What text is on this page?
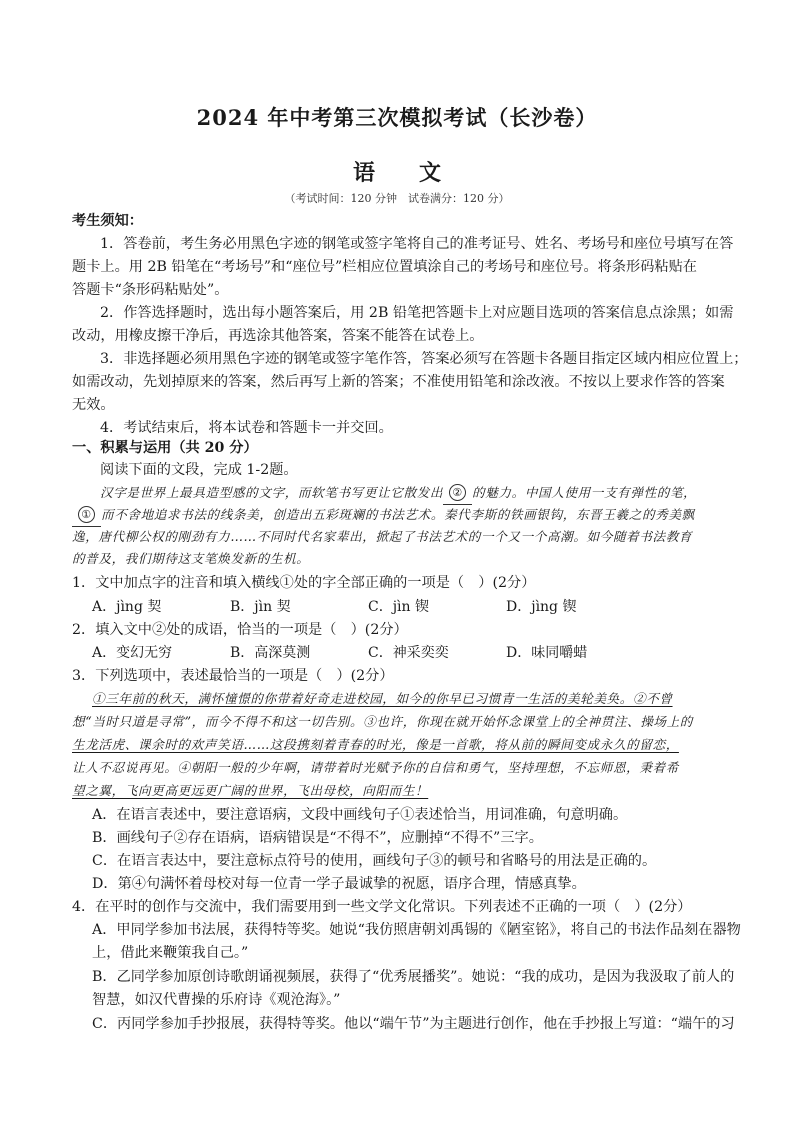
2024 年中考第三次模拟考试（长沙卷）
语　　文
（考试时间：120 分钟　试卷满分：120 分）
考生须知：
1．答卷前，考生务必用黑色字迹的钢笔或签字笔将自己的准考证号、姓名、考场号和座位号填写在答
题卡上。用 2B 铅笔在“考场号”和“座位号”栏相应位置填涂自己的考场号和座位号。将条形码粘贴在
答题卡“条形码粘贴处”。
2．作答选择题时，选出每小题答案后，用 2B 铅笔把答题卡上对应题目选项的答案信息点涂黑；如需
改动，用橡皮擦干净后，再选涂其他答案，答案不能答在试卷上。
3．非选择题必须用黑色字迹的钢笔或签字笔作答，答案必须写在答题卡各题目指定区域内相应位置上；
如需改动，先划掉原来的答案，然后再写上新的答案；不准使用铅笔和涂改液。不按以上要求作答的答案
无效。
4．考试结束后，将本试卷和答题卡一并交回。
一、积累与运用（共 20 分）
阅读下面的文段，完成 1-2题。
汉字是世界上最具造型感的文字，而软笔书写更让它散发出 ② 的魅力。中国人使用一支有弹性的笔，
① 而不舍地追求书法的线条美，创造出五彩斑斓的书法艺术。秦代李斯的铁画银钩，东晋王羲之的秀美飘
逸，唐代柳公权的刚劲有力……不同时代名家辈出，掀起了书法艺术的一个又一个高潮。如今随着书法教育
的普及，我们期待这支笔焕发新的生机。
1．文中加点字的注音和填入横线①处的字全部正确的一项是（　）(2分）
A．jìng 契	B．jìn 契	C．jìn 锲	D．jìng 锲
2．填入文中②处的成语，恰当的一项是（　）(2分）
A．变幻无穷	B．高深莫测	C．神采奕奕	D．味同嚼蜡
3．下列选项中，表述最恰当的一项是（　）(2分）
①三年前的秋天，满怀憧憬的你带着好奇走进校园，如今的你早已习惯青一生活的美轮美奂。②不曾
想“当时只道是寻常”，而今不得不和这一切告别。③也许，你现在就开始怀念课堂上的全神贯注、操场上的
生龙活虎、课余时的欢声笑语……这段携刻着青春的时光，像是一首歌，将从前的瞬间变成永久的留恋，
让人不忍说再见。④朝阳一般的少年啊，请带着时光赋予你的自信和勇气，坚持理想，不忘师恩，秉着希
望之翼，飞向更高更远更广阔的世界，飞出母校，向阳而生！
A．在语言表述中，要注意语病，文段中画线句子①表述恰当，用词准确，句意明确。
B．画线句子②存在语病，语病错误是“不得不”，应删掉“不得不”三字。
C．在语言表达中，要注意标点符号的使用，画线句子③的顿号和省略号的用法是正确的。
D．第④句满怀着母校对每一位青一学子最诚挚的祝愿，语序合理，情感真挚。
4．在平时的创作与交流中，我们需要用到一些文学文化常识。下列表述不正确的一项（　）(2分）
A．甲同学参加书法展，获得特等奖。她说“我仿照唐朝刘禹锡的《陋室铭》，将自己的书法作品刻在器物
上，借此来鞭策我自己。”
B．乙同学参加原创诗歌朗诵视频展，获得了“优秀展播奖”。她说：“我的成功，是因为我汲取了前人的
智慧，如汉代曹操的乐府诗《观沧海》。”
C．丙同学参加手抄报展，获得特等奖。他以“端午节”为主题进行创作，他在手抄报上写道：“端午的习
